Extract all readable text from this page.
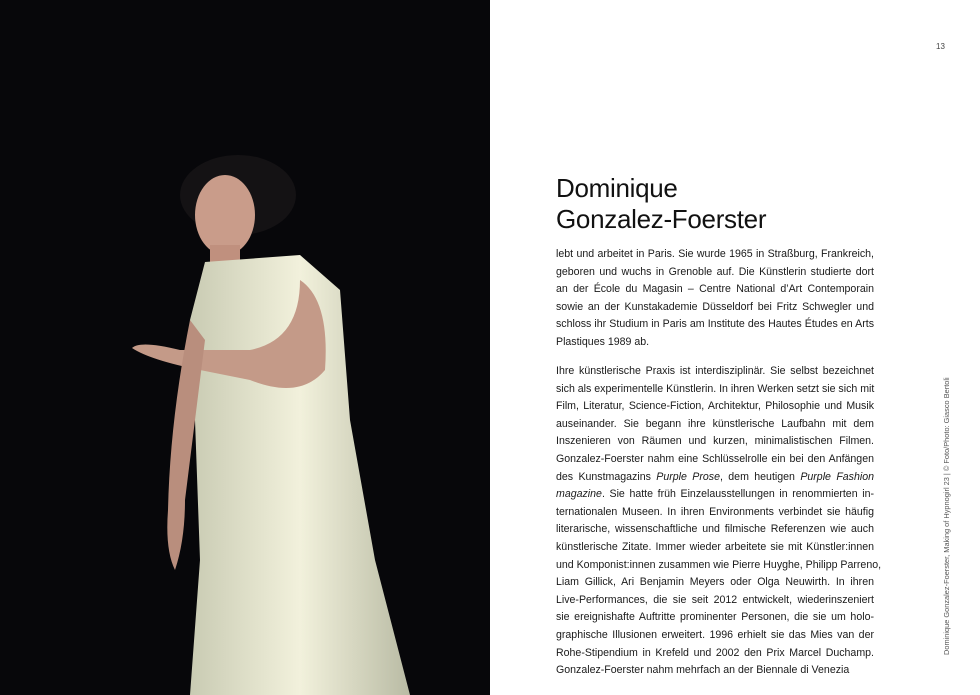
13
Dominique
Gonzalez-Foerster
lebt und arbeitet in Paris. Sie wurde 1965 in Straßburg, Frankreich,
geboren und wuchs in Grenoble auf. Die Künstlerin studierte dort
an der École du Magasin – Centre National d’Art Contemporain
sowie an der Kunstakademie Düsseldorf bei Fritz Schwegler und
schloss ihr Studium in Paris am Institute des Hautes Études en Arts
Plastiques 1989 ab.
Ihre künstlerische Praxis ist interdisziplinär. Sie selbst bezeichnet
sich als experimentelle Künstlerin. In ihren Werken setzt sie sich mit
Film, Literatur, Science-Fiction, Architektur, Philosophie und Musik
auseinander. Sie begann ihre künstlerische Laufbahn mit dem
Inszenieren von Räumen und kurzen, minimalistischen Filmen.
Gonzalez-Foerster nahm eine Schlüsselrolle ein bei den Anfängen
des Kunstmagazins Purple Prose, dem heutigen Purple Fashion
magazine. Sie hatte früh Einzelausstellungen in renommierten in-
ternationalen Museen. In ihren Environments verbindet sie häufig
literarische, wissenschaftliche und filmische Referenzen wie auch
künstlerische Zitate. Immer wieder arbeitete sie mit Künstler:innen
und Komponist:innen zusammen wie Pierre Huyghe, Philipp Parreno,
Liam Gillick, Ari Benjamin Meyers oder Olga Neuwirth. In ihren
Live-Performances, die sie seit 2012 entwickelt, wiederinszeniert
sie ereignishafte Auftritte prominenter Personen, die sie um holo-
graphische Illusionen erweitert. 1996 erhielt sie das Mies van der
Rohe-Stipendium in Krefeld und 2002 den Prix Marcel Duchamp.
Gonzalez-Foerster nahm mehrfach an der Biennale di Venezia
Dominique Gonzalez-Foerster, Making of Hypnogirl 23 | © Foto/Photo: Giasco Bertoli
